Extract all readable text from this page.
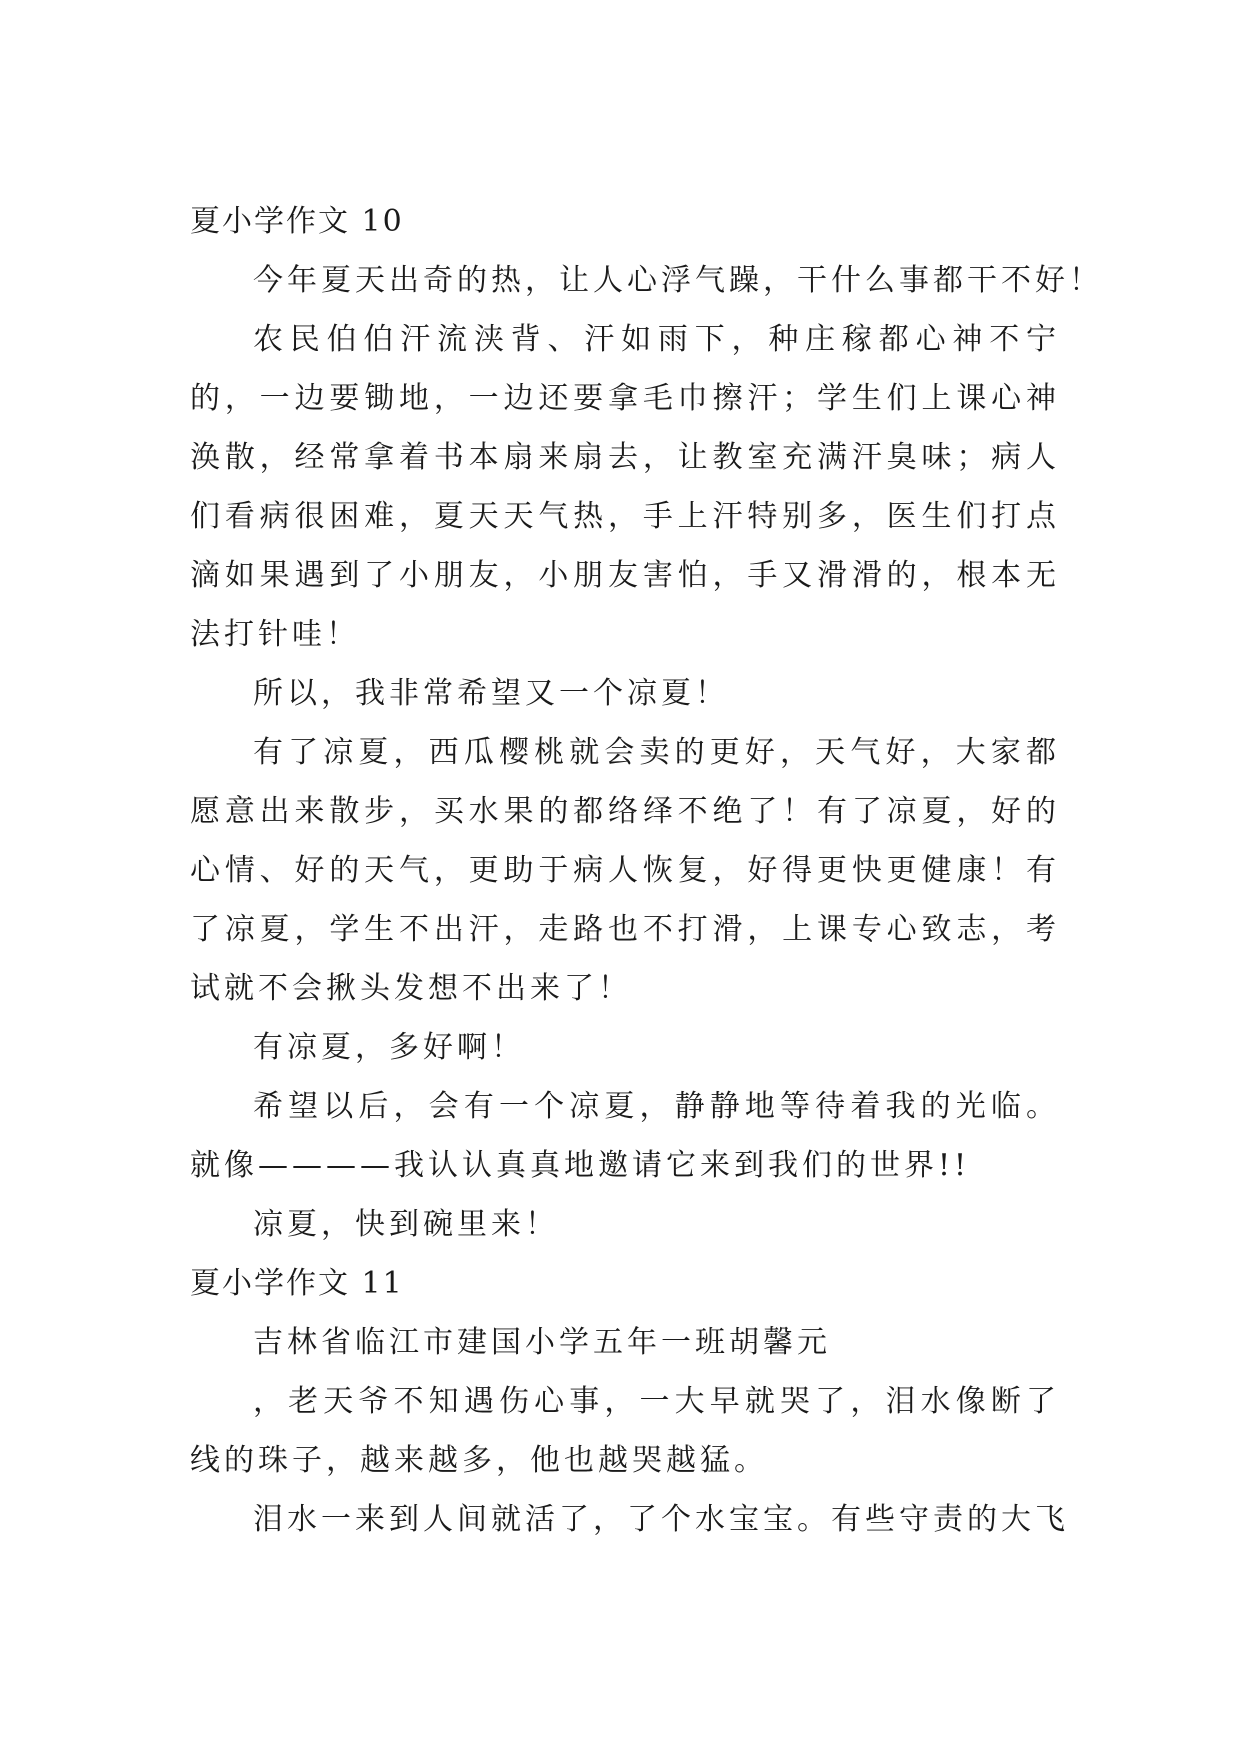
夏小学作文 10

今年夏天出奇的热，让人心浮气躁，干什么事都干不好！

农民伯伯汗流浃背、汗如雨下，种庄稼都心神不宁的，一边要锄地，一边还要拿毛巾擦汗；学生们上课心神涣散，经常拿着书本扇来扇去，让教室充满汗臭味；病人们看病很困难，夏天天气热，手上汗特别多，医生们打点滴如果遇到了小朋友，小朋友害怕，手又滑滑的，根本无法打针哇！

所以，我非常希望又一个凉夏！

有了凉夏，西瓜樱桃就会卖的更好，天气好，大家都愿意出来散步，买水果的都络绎不绝了！有了凉夏，好的心情、好的天气，更助于病人恢复，好得更快更健康！有了凉夏，学生不出汗，走路也不打滑，上课专心致志，考试就不会揪头发想不出来了！

有凉夏，多好啊！

希望以后，会有一个凉夏，静静地等待着我的光临。就像————我认认真真地邀请它来到我们的世界!!

凉夏，快到碗里来！

夏小学作文 11

吉林省临江市建国小学五年一班胡馨元

，老天爷不知遇伤心事，一大早就哭了，泪水像断了线的珠子，越来越多，他也越哭越猛。

泪水一来到人间就活了，了个水宝宝。有些守责的大飞
